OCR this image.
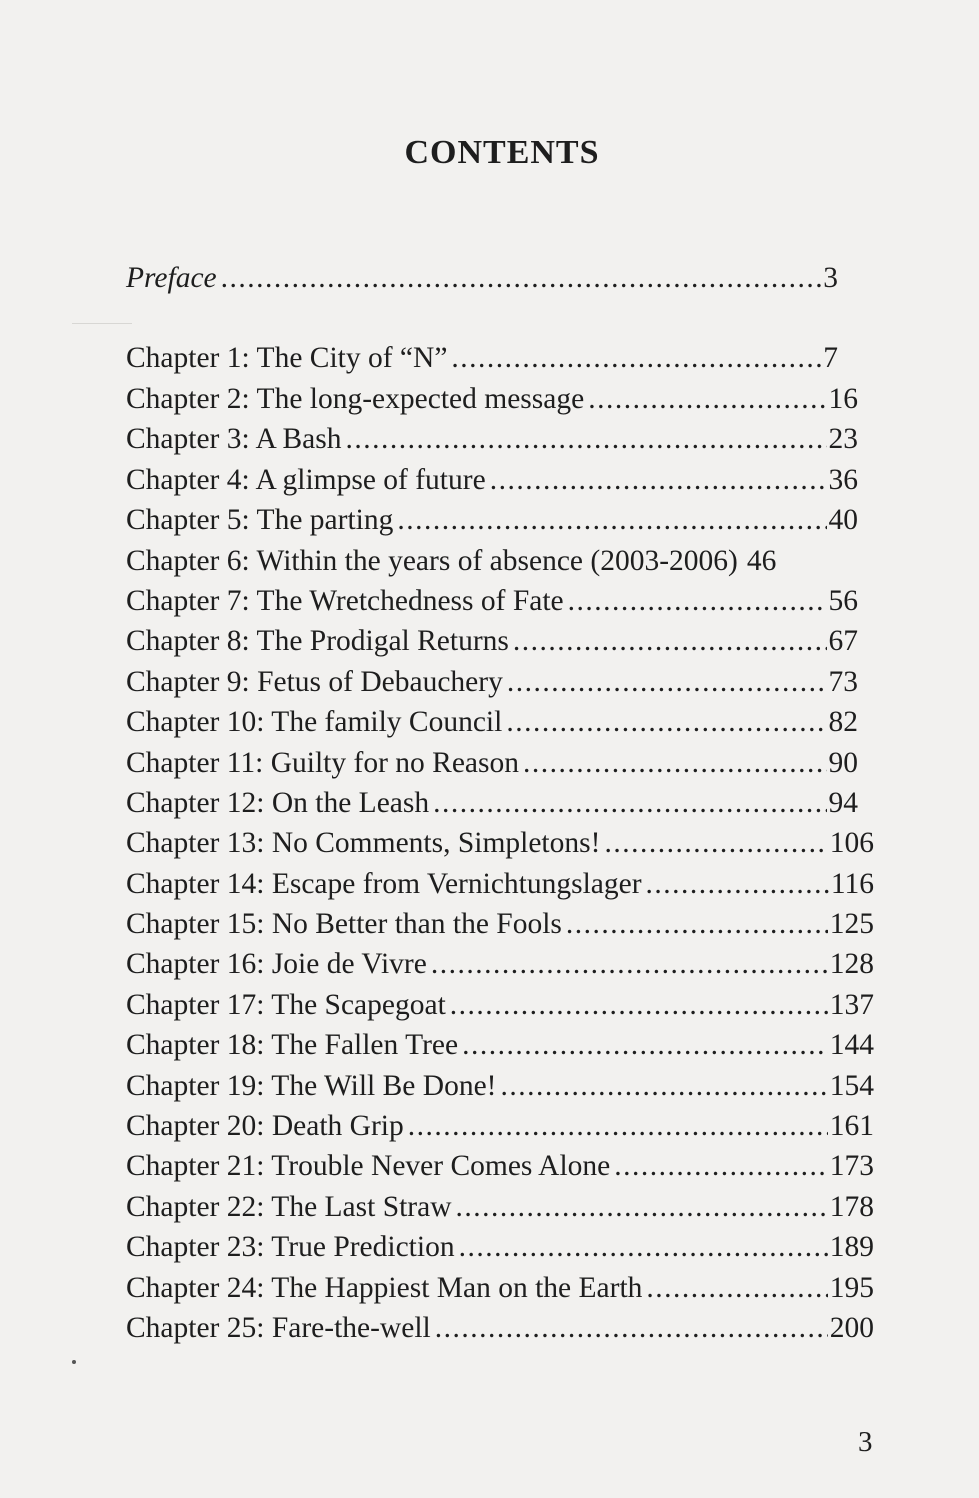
CONTENTS
Preface .....	3
Chapter 1: The City of “N” .....	7
Chapter 2: The long-expected message .....	16
Chapter 3: A Bash .....	23
Chapter 4: A glimpse of future .....	36
Chapter 5: The parting .....	40
Chapter 6: Within the years of absence (2003-2006) 46
Chapter 7: The Wretchedness of Fate .....	56
Chapter 8: The Prodigal Returns .....	67
Chapter 9: Fetus of Debauchery .....	73
Chapter 10: The family Council .....	82
Chapter 11: Guilty for no Reason .....	90
Chapter 12: On the Leash .....	94
Chapter 13: No Comments, Simpletons! .....	106
Chapter 14: Escape from Vernichtungslager .....	116
Chapter 15: No Better than the Fools .....	125
Chapter 16: Joie de Vivre .....	128
Chapter 17: The Scapegoat .....	137
Chapter 18: The Fallen Tree .....	144
Chapter 19: The Will Be Done! .....	154
Chapter 20: Death Grip .....	161
Chapter 21: Trouble Never Comes Alone .....	173
Chapter 22: The Last Straw .....	178
Chapter 23: True Prediction .....	189
Chapter 24: The Happiest Man on the Earth .....	195
Chapter 25: Fare-the-well .....	200
3
